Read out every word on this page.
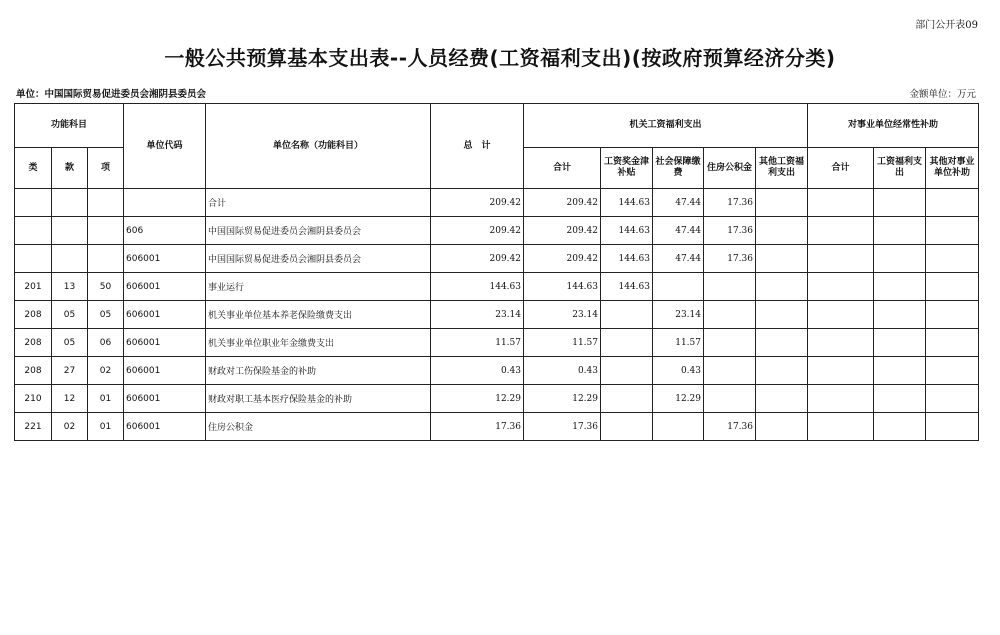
部门公开表09
一般公共预算基本支出表--人员经费(工资福利支出)(按政府预算经济分类)
单位：中国国际贸易促进委员会湘阴县委员会	金额单位：万元
功能科目			单位代码	单位名称（功能科目）	总　计	机关工资福利支出					对事业单位经常性补助		
类	款	项				合计	工资奖金津补贴	社会保障缴费	住房公积金	其他工资福利支出	合计	工资福利支出	其他对事业单位补助
				合计	209.42	209.42	144.63	47.44	17.36				
			606	中国国际贸易促进委员会湘阴县委员会	209.42	209.42	144.63	47.44	17.36				
			606001	中国国际贸易促进委员会湘阴县委员会	209.42	209.42	144.63	47.44	17.36				
201	13	50	606001	事业运行	144.63	144.63	144.63						
208	05	05	606001	机关事业单位基本养老保险缴费支出	23.14	23.14		23.14					
208	05	06	606001	机关事业单位职业年金缴费支出	11.57	11.57		11.57					
208	27	02	606001	财政对工伤保险基金的补助	0.43	0.43		0.43					
210	12	01	606001	财政对职工基本医疗保险基金的补助	12.29	12.29		12.29					
221	02	01	606001	住房公积金	17.36	17.36			17.36				
